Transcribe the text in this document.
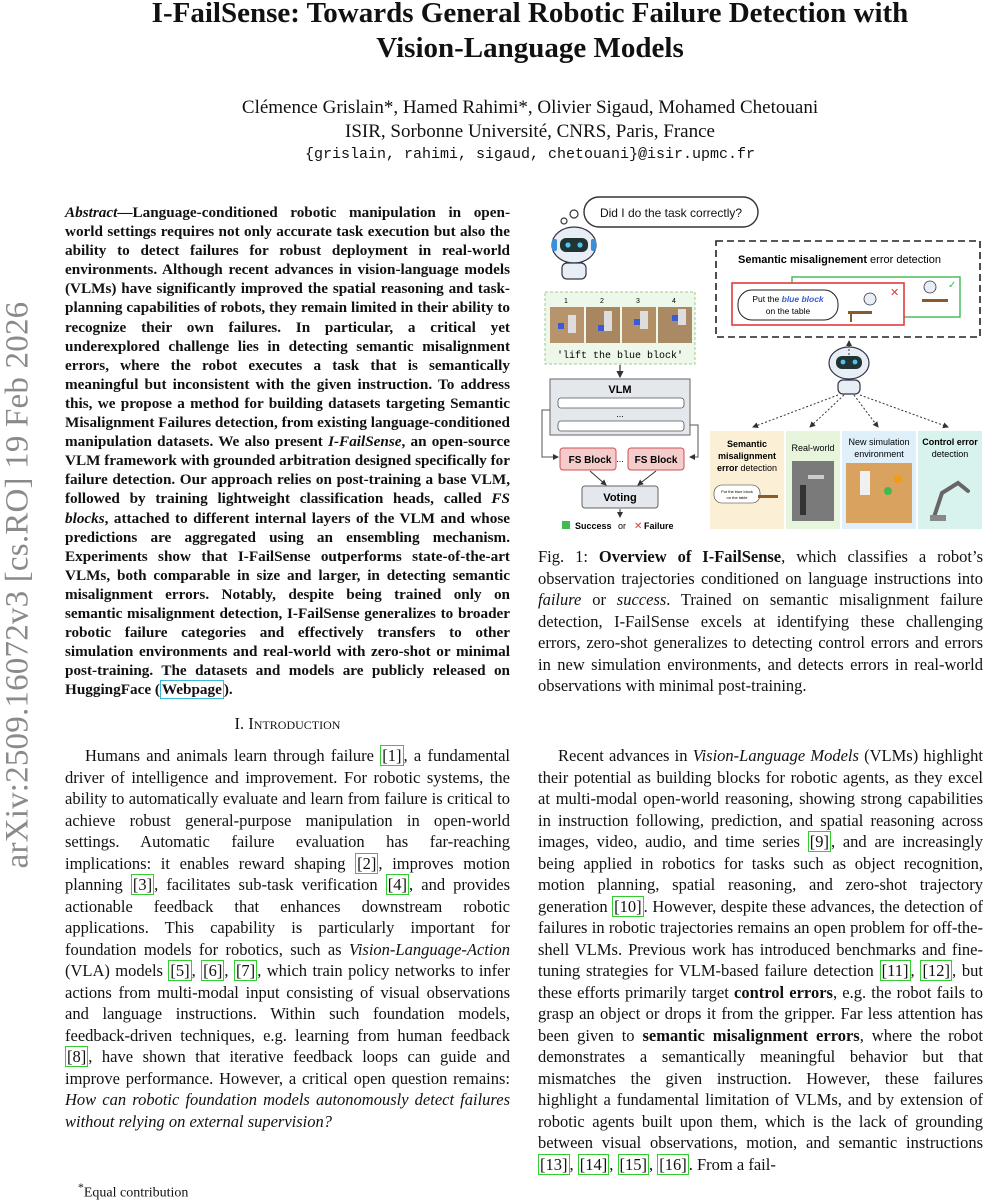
arXiv:2509.16072v3 [cs.RO] 19 Feb 2026
I-FailSense: Towards General Robotic Failure Detection with
Vision-Language Models
Clémence Grislain*, Hamed Rahimi*, Olivier Sigaud, Mohamed Chetouani
ISIR, Sorbonne Université, CNRS, Paris, France
{grislain, rahimi, sigaud, chetouani}@isir.upmc.fr
Abstract—Language-conditioned robotic manipulation in open-world settings requires not only accurate task execution but also the ability to detect failures for robust deployment in real-world environments. Although recent advances in vision-language models (VLMs) have significantly improved the spatial reasoning and task-planning capabilities of robots, they remain limited in their ability to recognize their own failures. In particular, a critical yet underexplored challenge lies in detecting semantic misalignment errors, where the robot executes a task that is semantically meaningful but inconsistent with the given instruction. To address this, we propose a method for building datasets targeting Semantic Misalignment Failures detection, from existing language-conditioned manipulation datasets. We also present I-FailSense, an open-source VLM framework with grounded arbitration designed specifically for failure detection. Our approach relies on post-training a base VLM, followed by training lightweight classification heads, called FS blocks, attached to different internal layers of the VLM and whose predictions are aggregated using an ensembling mechanism. Experiments show that I-FailSense outperforms state-of-the-art VLMs, both comparable in size and larger, in detecting semantic misalignment errors. Notably, despite being trained only on semantic misalignment detection, I-FailSense generalizes to broader robotic failure categories and effectively transfers to other simulation environments and real-world with zero-shot or minimal post-training. The datasets and models are publicly released on HuggingFace ( Webpage ).
Did I do the task correctly?
1	2	3	4
'lift the blue block'
VLM
...
FS Block ... FS Block
Voting
Success or ✕ Failure
Semantic misalignement error detection
Put the blue block
on the table
✕
✓
Semantic
misalignment
error detection
Put the blue block
on the table
Real-world
New simulation
environment
Control error
detection
Fig. 1: Overview of I-FailSense, which classifies a robot’s observation trajectories conditioned on language instructions into failure or success. Trained on semantic misalignment failure detection, I-FailSense excels at identifying these challenging errors, zero-shot generalizes to detecting control errors and errors in new simulation environments, and detects errors in real-world observations with minimal post-training.
I. Introduction

Humans and animals learn through failure [1] , a fundamental driver of intelligence and improvement. For robotic systems, the ability to automatically evaluate and learn from failure is critical to achieve robust general-purpose manipulation in open-world settings. Automatic failure evaluation has far-reaching implications: it enables reward shaping [2] , improves motion planning [3] , facilitates sub-task verification [4] , and provides actionable feedback that enhances downstream robotic applications. This capability is particularly important for foundation models for robotics, such as Vision-Language-Action (VLA) models [5] , [6] , [7] , which train policy networks to infer actions from multi-modal input consisting of visual observations and language instructions. Within such foundation models, feedback-driven techniques, e.g. learning from human feedback [8] , have shown that iterative feedback loops can guide and improve performance. However, a critical open question remains: How can robotic foundation models autonomously detect failures without relying on external supervision?

*Equal contribution

Recent advances in Vision-Language Models (VLMs) highlight their potential as building blocks for robotic agents, as they excel at multi-modal open-world reasoning, showing strong capabilities in instruction following, prediction, and spatial reasoning across images, video, audio, and time series [9] , and are increasingly being applied in robotics for tasks such as object recognition, motion planning, spatial reasoning, and zero-shot trajectory generation [10] . However, despite these advances, the detection of failures in robotic trajectories remains an open problem for off-the-shell VLMs. Previous work has introduced benchmarks and fine-tuning strategies for VLM-based failure detection [11] , [12] , but these efforts primarily target control errors, e.g. the robot fails to grasp an object or drops it from the gripper. Far less attention has been given to semantic misalignment errors, where the robot demonstrates a semantically meaningful behavior but that mismatches the given instruction. However, these failures highlight a fundamental limitation of VLMs, and by extension of robotic agents built upon them, which is the lack of grounding between visual observations, motion, and semantic instructions [13] , [14] , [15] , [16] . From a fail-
